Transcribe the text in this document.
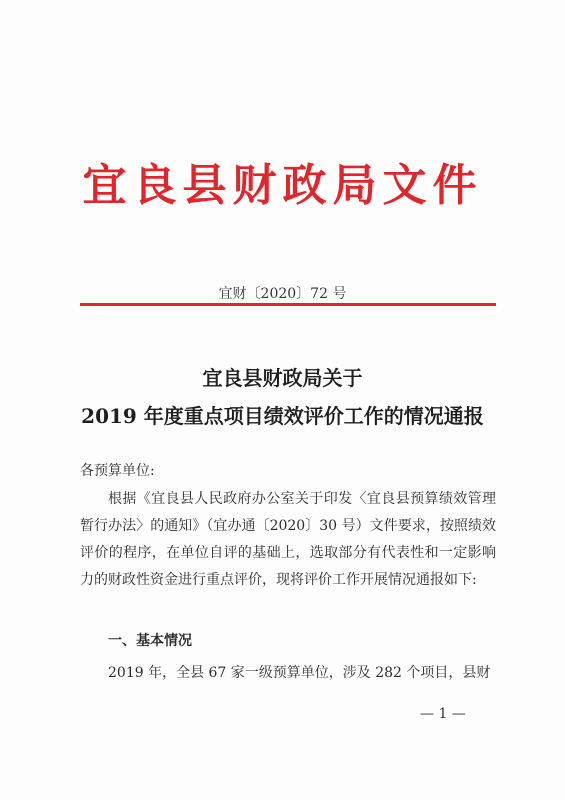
宜良县财政局文件
宜财〔2020〕72 号
宜良县财政局关于
2019 年度重点项目绩效评价工作的情况通报
各预算单位:
根据《宜良县人民政府办公室关于印发〈宜良县预算绩效管理暂行办法〉的通知》（宜办通〔2020〕30 号）文件要求，按照绩效评价的程序，在单位自评的基础上，选取部分有代表性和一定影响力的财政性资金进行重点评价，现将评价工作开展情况通报如下:
一、基本情况
2019 年，全县 67 家一级预算单位，涉及 282 个项目，县财
— 1 —
